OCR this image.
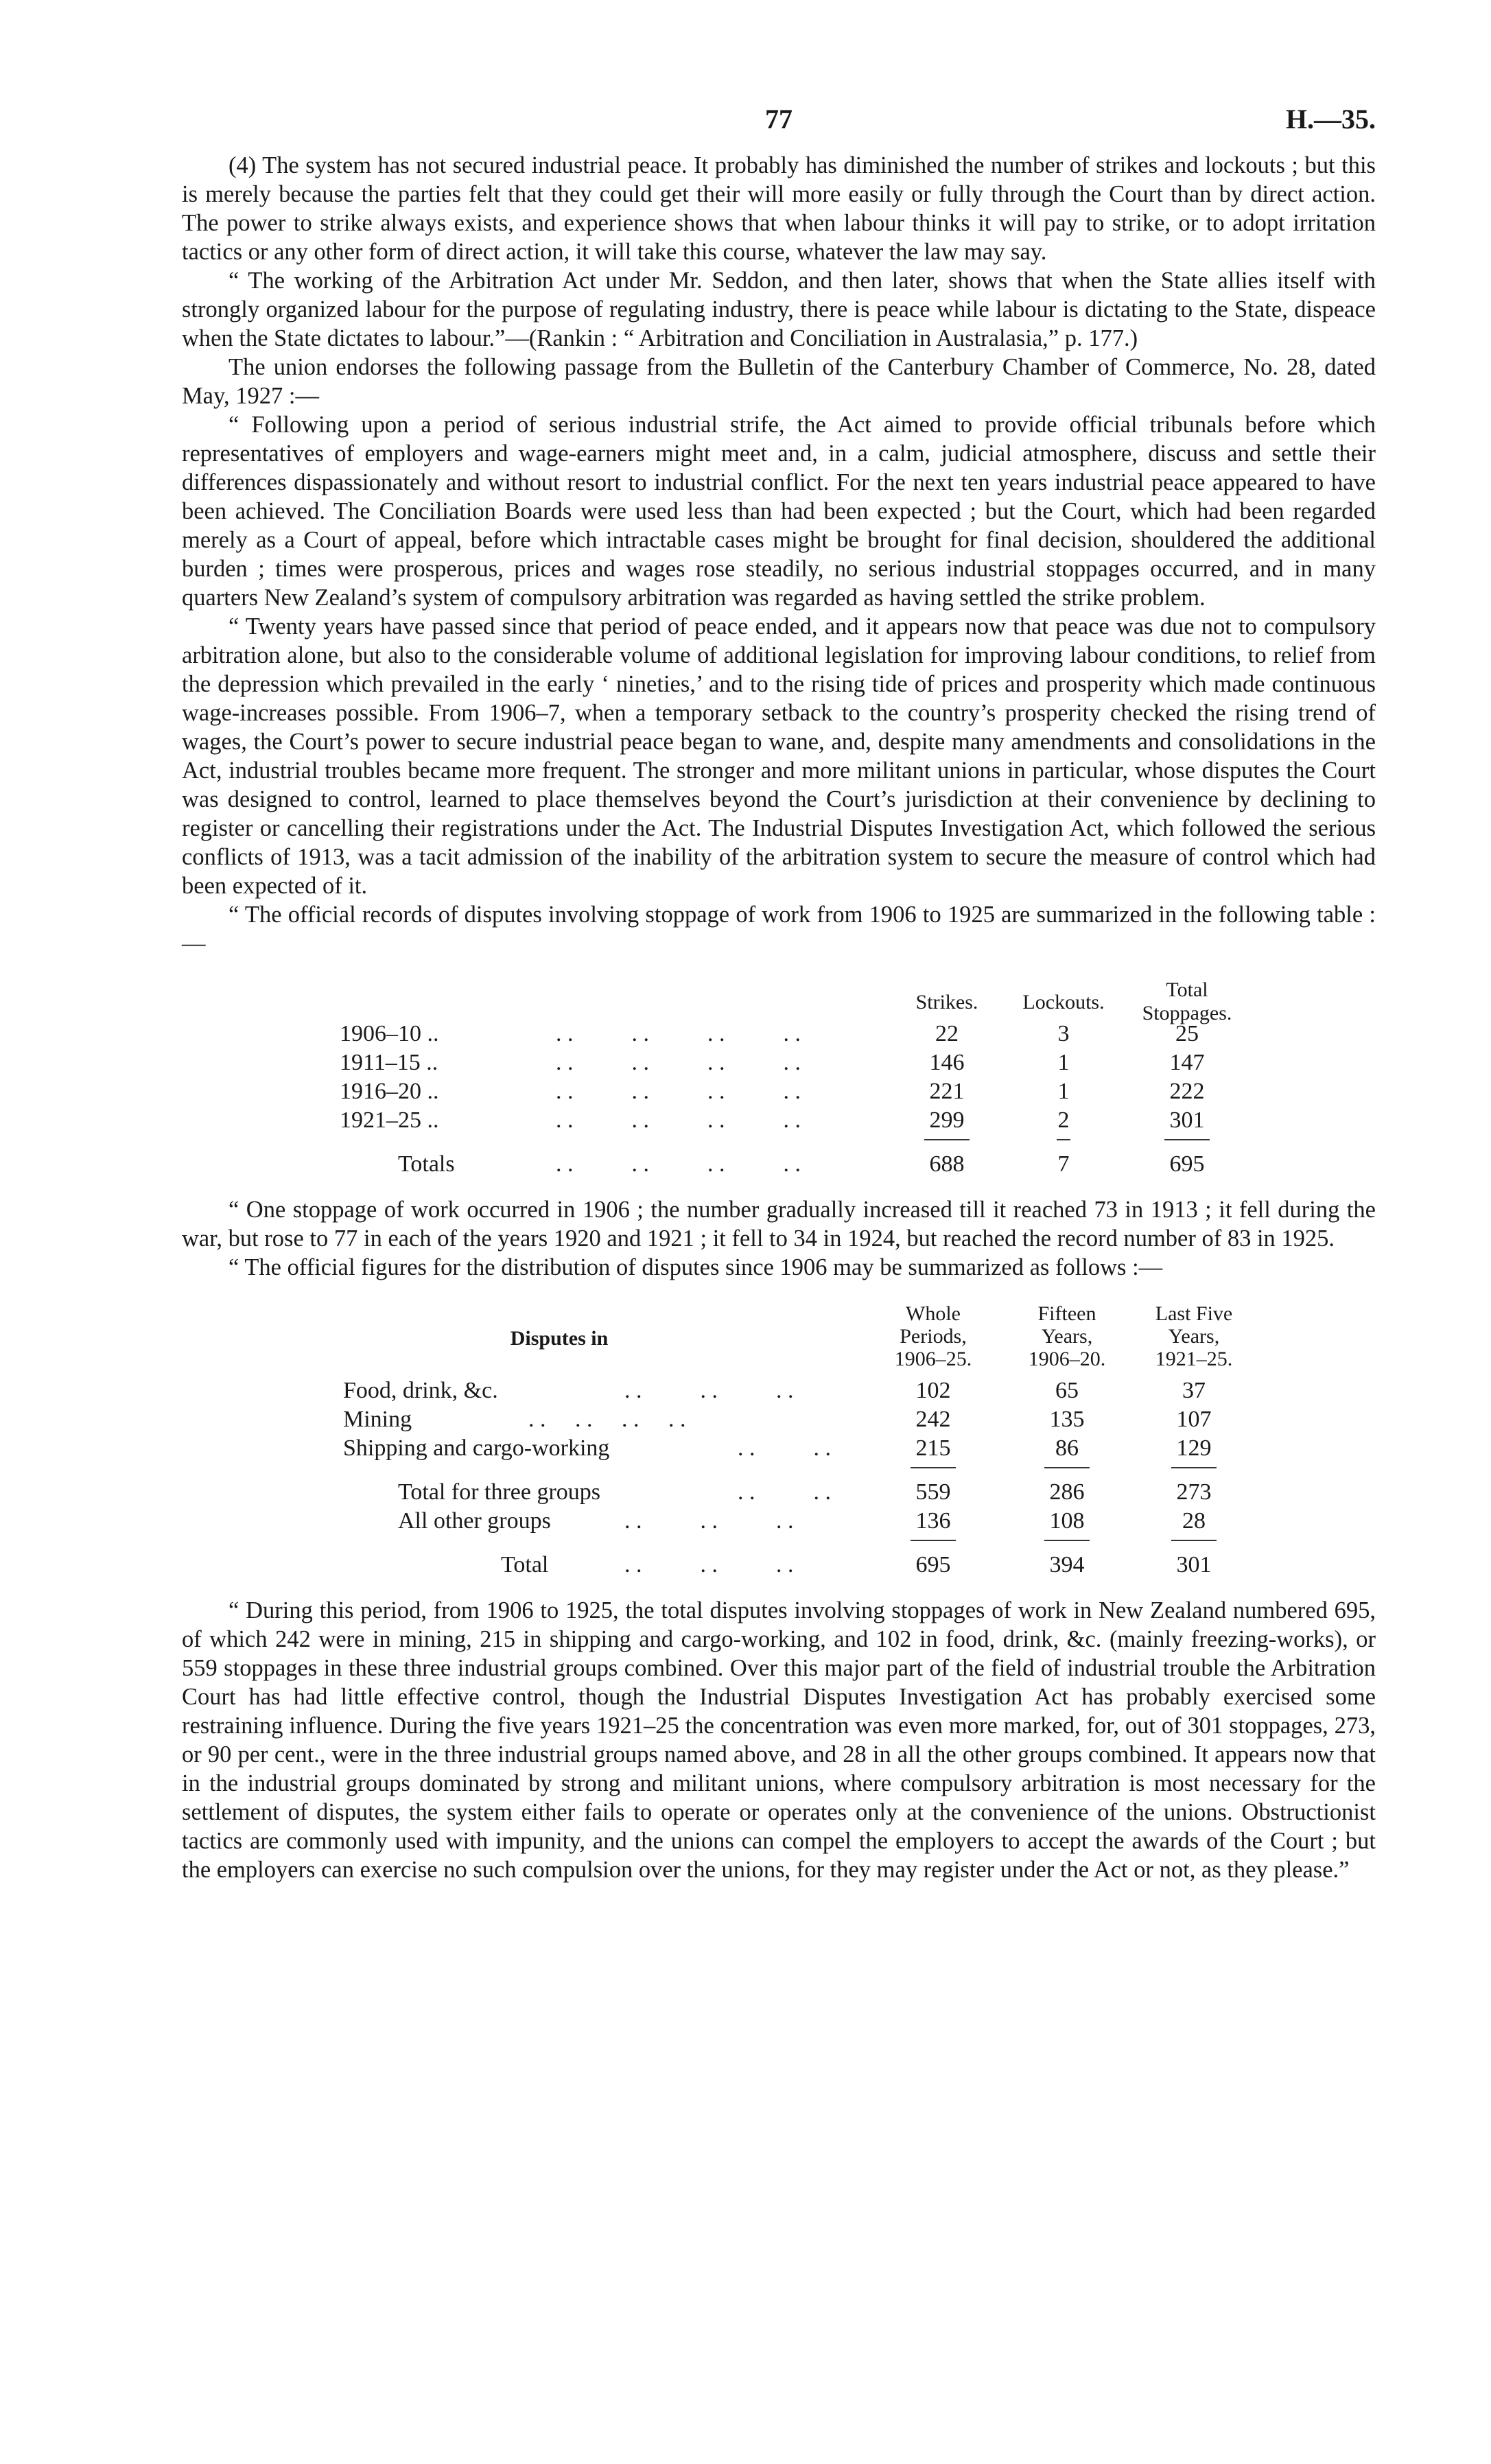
77	H.—35.

(4) The system has not secured industrial peace. It probably has diminished the number of strikes and lockouts ; but this is merely because the parties felt that they could get their will more easily or fully through the Court than by direct action. The power to strike always exists, and experience shows that when labour thinks it will pay to strike, or to adopt irritation tactics or any other form of direct action, it will take this course, whatever the law may say.

“ The working of the Arbitration Act under Mr. Seddon, and then later, shows that when the State allies itself with strongly organized labour for the purpose of regulating industry, there is peace while labour is dictating to the State, dispeace when the State dictates to labour.”—(Rankin : “ Arbitration and Conciliation in Australasia,” p. 177.)

The union endorses the following passage from the Bulletin of the Canterbury Chamber of Commerce, No. 28, dated May, 1927 :—

“ Following upon a period of serious industrial strife, the Act aimed to provide official tribunals before which representatives of employers and wage-earners might meet and, in a calm, judicial atmosphere, discuss and settle their differences dispassionately and without resort to industrial conflict. For the next ten years industrial peace appeared to have been achieved. The Conciliation Boards were used less than had been expected ; but the Court, which had been regarded merely as a Court of appeal, before which intractable cases might be brought for final decision, shouldered the additional burden ; times were prosperous, prices and wages rose steadily, no serious industrial stoppages occurred, and in many quarters New Zealand’s system of compulsory arbitration was regarded as having settled the strike problem.

“ Twenty years have passed since that period of peace ended, and it appears now that peace was due not to compulsory arbitration alone, but also to the considerable volume of additional legislation for improving labour conditions, to relief from the depression which prevailed in the early ‘ nineties,’ and to the rising tide of prices and prosperity which made continuous wage-increases possible. From 1906–7, when a temporary setback to the country’s prosperity checked the rising trend of wages, the Court’s power to secure industrial peace began to wane, and, despite many amendments and consolidations in the Act, industrial troubles became more frequent. The stronger and more militant unions in particular, whose disputes the Court was designed to control, learned to place themselves beyond the Court’s jurisdiction at their convenience by declining to register or cancelling their registrations under the Act. The Industrial Disputes Investigation Act, which followed the serious conflicts of 1913, was a tacit admission of the inability of the arbitration system to secure the measure of control which had been expected of it.

“ The official records of disputes involving stoppage of work from 1906 to 1925 are summarized in the following table :—

Strikes.	Lockouts.
Total
Stoppages.
1906–10 ..	. .          . .          . .          . .	22	3	25
1911–15 ..	. .          . .          . .          . .	146	1	147
1916–20 ..	. .          . .          . .          . .	221	1	222
1921–25 ..	. .          . .          . .          . .	299	2	301
Totals	. .          . .          . .          . .	688	7	695

“ One stoppage of work occurred in 1906 ; the number gradually increased till it reached 73 in 1913 ; it fell during the war, but rose to 77 in each of the years 1920 and 1921 ; it fell to 34 in 1924, but reached the record number of 83 in 1925.

“ The official figures for the distribution of disputes since 1906 may be summarized as follows :—

Disputes in
Whole
Periods,
1906–25.
Fifteen
Years,
1906–20.
Last Five
Years,
1921–25.
Food, drink, &c.	. .          . .          . .	102	65	37
Mining	. .     . .     . .     . .	242	135	107
Shipping and cargo-working	. .          . .	215	86	129
Total for three groups	. .          . .	559	286	273
All other groups	. .          . .          . .	136	108	28
Total	. .          . .          . .	695	394	301

“ During this period, from 1906 to 1925, the total disputes involving stoppages of work in New Zealand numbered 695, of which 242 were in mining, 215 in shipping and cargo-working, and 102 in food, drink, &c. (mainly freezing-works), or 559 stoppages in these three industrial groups combined. Over this major part of the field of industrial trouble the Arbitration Court has had little effective control, though the Industrial Disputes Investigation Act has probably exercised some restraining influence. During the five years 1921–25 the concentration was even more marked, for, out of 301 stoppages, 273, or 90 per cent., were in the three industrial groups named above, and 28 in all the other groups combined. It appears now that in the industrial groups dominated by strong and militant unions, where compulsory arbitration is most necessary for the settlement of disputes, the system either fails to operate or operates only at the convenience of the unions. Obstructionist tactics are commonly used with impunity, and the unions can compel the employers to accept the awards of the Court ; but the employers can exercise no such compulsion over the unions, for they may register under the Act or not, as they please.”
